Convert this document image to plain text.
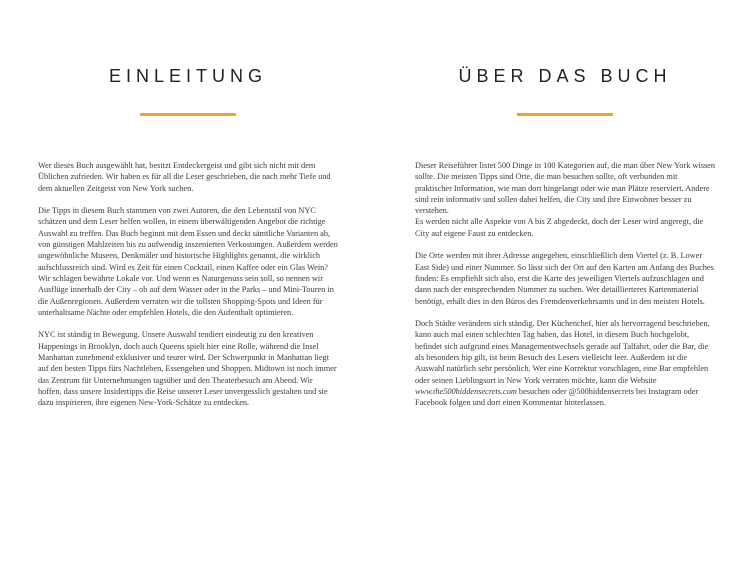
EINLEITUNG

Wer dieses Buch ausgewählt hat, besitzt Entdeckergeist und gibt sich nicht mit dem Üblichen zufrieden. Wir haben es für all die Leser geschrieben, die nach mehr Tiefe und dem aktuellen Zeitgeist von New York suchen.

Die Tipps in diesem Buch stammen von zwei Autoren, die den Lebensstil von NYC schätzen und dem Leser helfen wollen, in einem überwältigenden Angebot die richtige Auswahl zu treffen. Das Buch beginnt mit dem Essen und deckt sämtliche Varianten ab, von günstigen Mahlzeiten bis zu aufwendig inszenierten Verkostungen. Außerdem werden ungewöhnliche Museen, Denkmäler und historische Highlights genannt, die wirklich aufschlussreich sind. Wird es Zeit für einen Cocktail, einen Kaffee oder ein Glas Wein? Wir schlagen bewährte Lokale vor. Und wenn es Naturgenuss sein soll, so nennen wir Ausflüge innerhalb der City – ob auf dem Wasser oder in the Parks – und Mini-Touren in die Außenregionen. Außerdem verraten wir die tollsten Shopping-Spots und Ideen für unterhaltsame Nächte oder empfehlen Hotels, die den Aufenthalt optimieren.

NYC ist ständig in Bewegung. Unsere Auswahl tendiert eindeutig zu den kreativen Happenings in Brooklyn, doch auch Queens spielt hier eine Rolle, während die Insel Manhattan zunehmend exklusiver und teurer wird. Der Schwerpunkt in Manhattan liegt auf den besten Tipps fürs Nachtleben, Essengehen und Shoppen. Midtown ist noch immer das Zentrum für Unternehmungen tagsüber und den Theaterbesuch am Abend. Wir hoffen, dass unsere Insidertipps die Reise unserer Leser unvergesslich gestalten und sie dazu inspirieren, ihre eigenen New-York-Schätze zu entdecken.

ÜBER DAS BUCH

Dieser Reiseführer listet 500 Dinge in 100 Kategorien auf, die man über New York wissen sollte. Die meisten Tipps sind Orte, die man besuchen sollte, oft verbunden mit praktischer Information, wie man dort hingelangt oder wie man Plätze reserviert. Andere sind rein informativ und sollen dabei helfen, die City und ihre Einwohner besser zu verstehen.

Es werden nicht alle Aspekte von A bis Z abgedeckt, doch der Leser wird angeregt, die City auf eigene Faust zu entdecken.

Die Orte werden mit ihrer Adresse angegeben, einschließlich dem Viertel (z. B. Lower East Side) und einer Nummer. So lässt sich der Ort auf den Karten am Anfang des Buches finden: Es empfiehlt sich also, erst die Karte des jeweiligen Viertels aufzuschlagen und dann nach der entsprechenden Nummer zu suchen. Wer detaillierteres Kartenmaterial benötigt, erhält dies in den Büros des Fremdenverkehrsamts und in den meisten Hotels.

Doch Städte verändern sich ständig. Der Küchenchef, hier als hervorragend beschrieben, kann auch mal einen schlechten Tag haben, das Hotel, in diesem Buch hochgelobt, befindet sich aufgrund eines Managementwechsels gerade auf Talfahrt, oder die Bar, die als besonders hip gilt, ist beim Besuch des Lesers vielleicht leer. Außerdem ist die Auswahl natürlich sehr persönlich. Wer eine Korrektur vorschlagen, eine Bar empfehlen oder seinen Lieblingsort in New York verraten möchte, kann die Website www.the500hiddensecrets.com besuchen oder @500hiddensecrets bei Instagram oder Facebook folgen und dort einen Kommentar hinterlassen.
